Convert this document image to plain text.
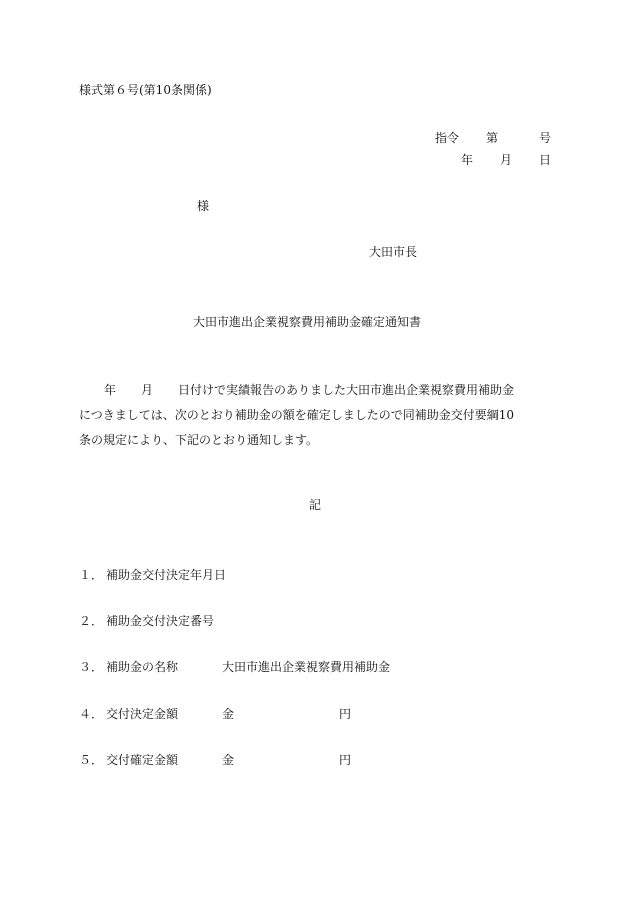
様式第６号(第10条関係)
指令 第	号
年 月 日
様
大田市長
大田市進出企業視察費用補助金確定通知書
年 月 日付けで実績報告のありました大田市進出企業視察費用補助金
につきましては、次のとおり補助金の額を確定しましたので同補助金交付要綱10
条の規定により、下記のとおり通知します。
記
１． 補助金交付決定年月日
２． 補助金交付決定番号
３． 補助金の名称	大田市進出企業視察費用補助金
４． 交付決定金額	金	円
５． 交付確定金額	金	円
